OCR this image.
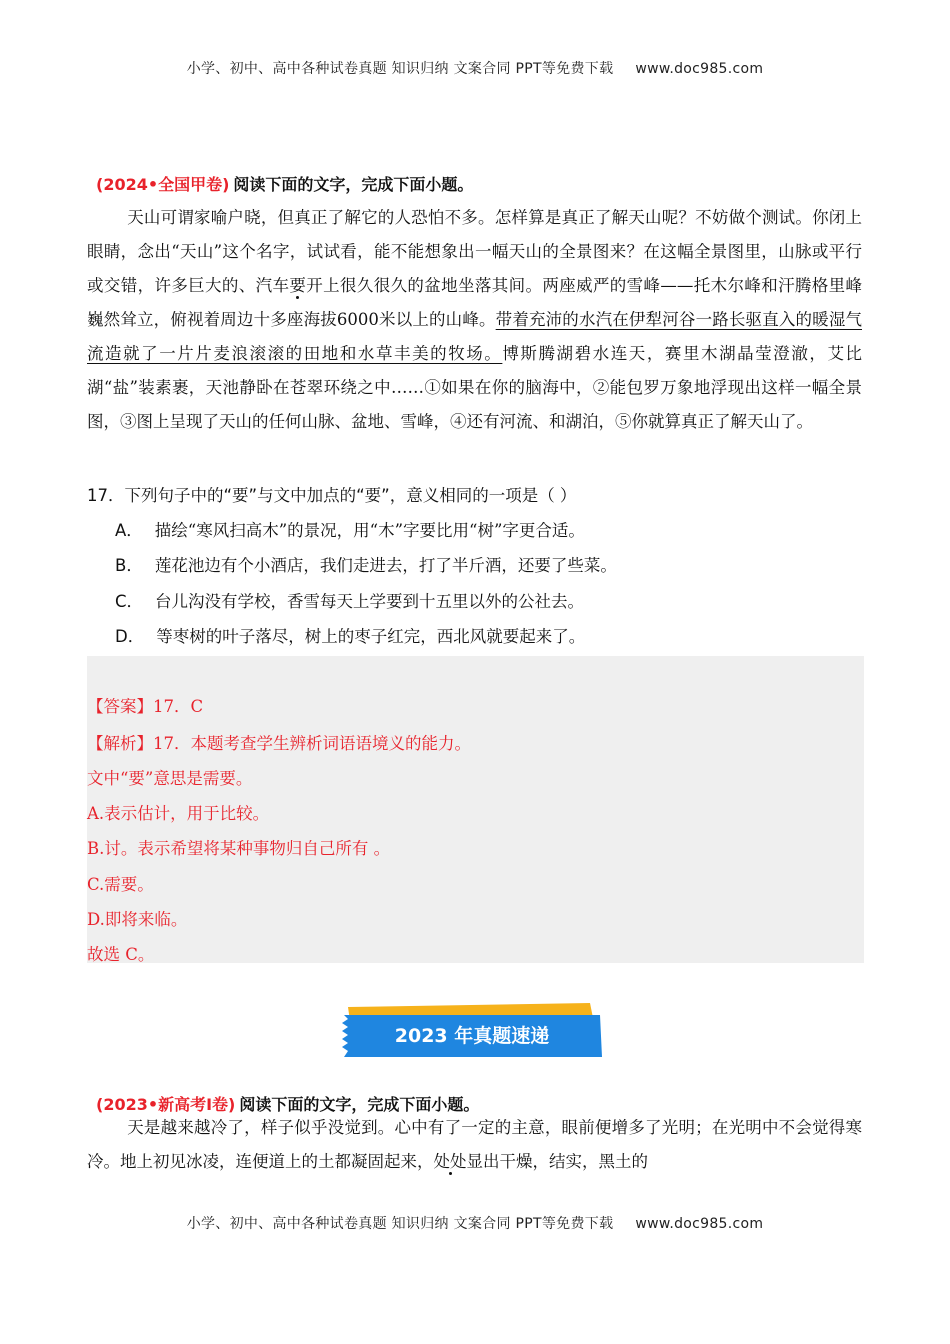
小学、初中、高中各种试卷真题 知识归纳 文案合同 PPT等免费下载 www.doc985.com
(2024•全国甲卷) 阅读下面的文字，完成下面小题。
天山可谓家喻户晓，但真正了解它的人恐怕不多。怎样算是真正了解天山呢？不妨做个测试。你闭上眼睛，念出“天山”这个名字，试试看，能不能想象出一幅天山的全景图来？在这幅全景图里，山脉或平行或交错，许多巨大的、汽车要开上很久很久的盆地坐落其间。两座威严的雪峰——托木尔峰和汗腾格里峰巍然耸立，俯视着周边十多座海拔6000米以上的山峰。带着充沛的水汽在伊犁河谷一路长驱直入的暖湿气流造就了一片片麦浪滚滚的田地和水草丰美的牧场。博斯腾湖碧水连天，赛里木湖晶莹澄澈，艾比湖“盐”装素裹，天池静卧在苍翠环绕之中……①如果在你的脑海中，②能包罗万象地浮现出这样一幅全景图，③图上呈现了天山的任何山脉、盆地、雪峰，④还有河流、和湖泊，⑤你就算真正了解天山了。
17．下列句子中的“要”与文中加点的“要”，意义相同的一项是（ ）
A． 描绘“寒风扫高木”的景况，用“木”字要比用“树”字更合适。
B． 莲花池边有个小酒店，我们走进去，打了半斤酒，还要了些菜。
C． 台儿沟没有学校，香雪每天上学要到十五里以外的公社去。
D． 等枣树的叶子落尽，树上的枣子红完，西北风就要起来了。
【答案】17．C
【解析】17．本题考查学生辨析词语语境义的能力。
文中“要”意思是需要。
A.表示估计，用于比较。
B.讨。表示希望将某种事物归自己所有 。
C.需要。
D.即将来临。
故选 C。
2023 年真题速递
(2023•新高考Ⅰ卷) 阅读下面的文字，完成下面小题。
天是越来越冷了，样子似乎没觉到。心中有了一定的主意，眼前便增多了光明；在光明中不会觉得寒冷。地上初见冰凌，连便道上的土都凝固起来，处处显出干燥，结实，黑土的
小学、初中、高中各种试卷真题 知识归纳 文案合同 PPT等免费下载 www.doc985.com
